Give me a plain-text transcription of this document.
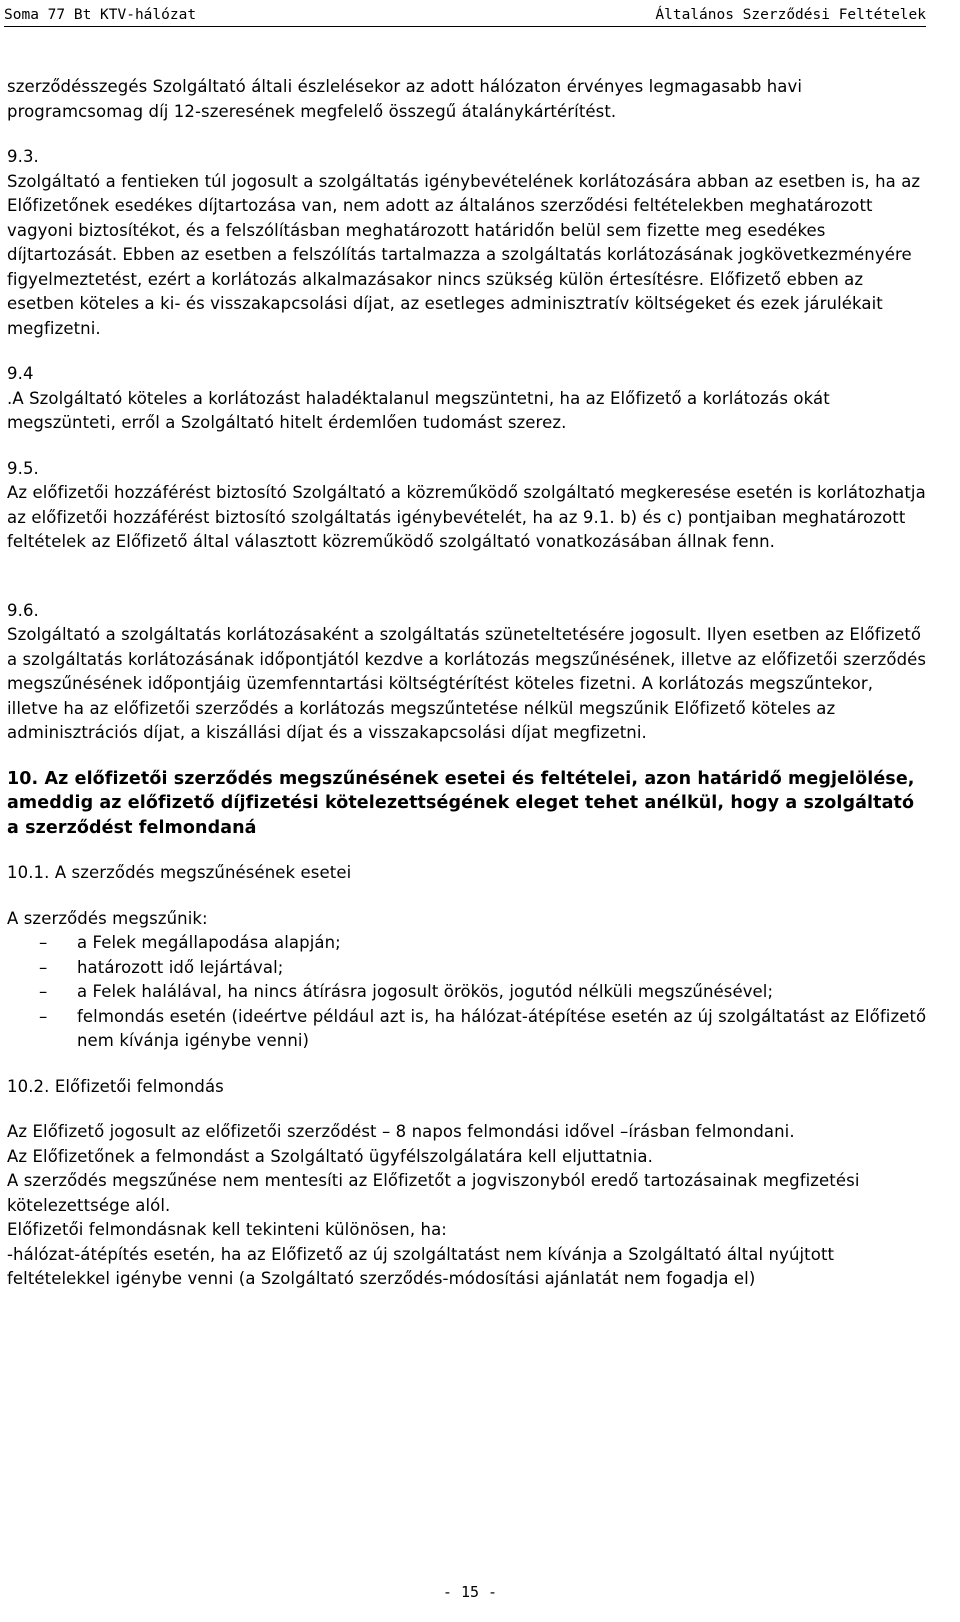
Soma 77 Bt KTV-hálózat	Általános Szerződési Feltételek

szerződésszegés Szolgáltató általi észlelésekor az adott hálózaton érvényes legmagasabb havi programcsomag díj 12-szeresének megfelelő összegű átalánykártérítést.

9.3.

Szolgáltató a fentieken túl jogosult a szolgáltatás igénybevételének korlátozására abban az esetben is, ha az Előfizetőnek esedékes díjtartozása van, nem adott az általános szerződési feltételekben meghatározott vagyoni biztosítékot, és a felszólításban meghatározott határidőn belül sem fizette meg esedékes díjtartozását. Ebben az esetben a felszólítás tartalmazza a szolgáltatás korlátozásának jogkövetkezményére figyelmeztetést, ezért a korlátozás alkalmazásakor nincs szükség külön értesítésre. Előfizető ebben az esetben köteles a ki- és visszakapcsolási díjat, az esetleges adminisztratív költségeket és ezek járulékait megfizetni.

9.4

.A Szolgáltató köteles a korlátozást haladéktalanul megszüntetni, ha az Előfizető a korlátozás okát megszünteti, erről a Szolgáltató hitelt érdemlően tudomást szerez.

9.5.

Az előfizetői hozzáférést biztosító Szolgáltató a közreműködő szolgáltató megkeresése esetén is korlátozhatja az előfizetői hozzáférést biztosító szolgáltatás igénybevételét, ha az 9.1. b) és c) pontjaiban meghatározott feltételek az Előfizető által választott közreműködő szolgáltató vonatkozásában állnak fenn.

9.6.

Szolgáltató a szolgáltatás korlátozásaként a szolgáltatás szüneteltetésére jogosult. Ilyen esetben az Előfizető a szolgáltatás korlátozásának időpontjától kezdve a korlátozás megszűnésének, illetve az előfizetői szerződés megszűnésének időpontjáig üzemfenntartási költségtérítést köteles fizetni. A korlátozás megszűntekor, illetve ha az előfizetői szerződés a korlátozás megszűntetése nélkül megszűnik Előfizető köteles az adminisztrációs díjat, a kiszállási díjat és a visszakapcsolási díjat megfizetni.

10. Az előfizetői szerződés megszűnésének esetei és feltételei, azon határidő megjelölése, ameddig az előfizető díjfizetési kötelezettségének eleget tehet anélkül, hogy a szolgáltató a szerződést felmondaná

10.1. A szerződés megszűnésének esetei

A szerződés megszűnik:

– a Felek megállapodása alapján;
– határozott idő lejártával;
– a Felek halálával, ha nincs átírásra jogosult örökös, jogutód nélküli megszűnésével;
– felmondás esetén (ideértve például azt is, ha hálózat-átépítése esetén az új szolgáltatást az Előfizető nem kívánja igénybe venni)

10.2. Előfizetői felmondás

Az Előfizető jogosult az előfizetői szerződést – 8 napos felmondási idővel –írásban felmondani.

Az Előfizetőnek a felmondást a Szolgáltató ügyfélszolgálatára kell eljuttatnia.

A szerződés megszűnése nem mentesíti az Előfizetőt a jogviszonyból eredő tartozásainak megfizetési kötelezettsége alól.

Előfizetői felmondásnak kell tekinteni különösen, ha:

-hálózat-átépítés esetén, ha az Előfizető az új szolgáltatást nem kívánja a Szolgáltató által nyújtott feltételekkel igénybe venni (a Szolgáltató szerződés-módosítási ajánlatát nem fogadja el)

- 15 -
